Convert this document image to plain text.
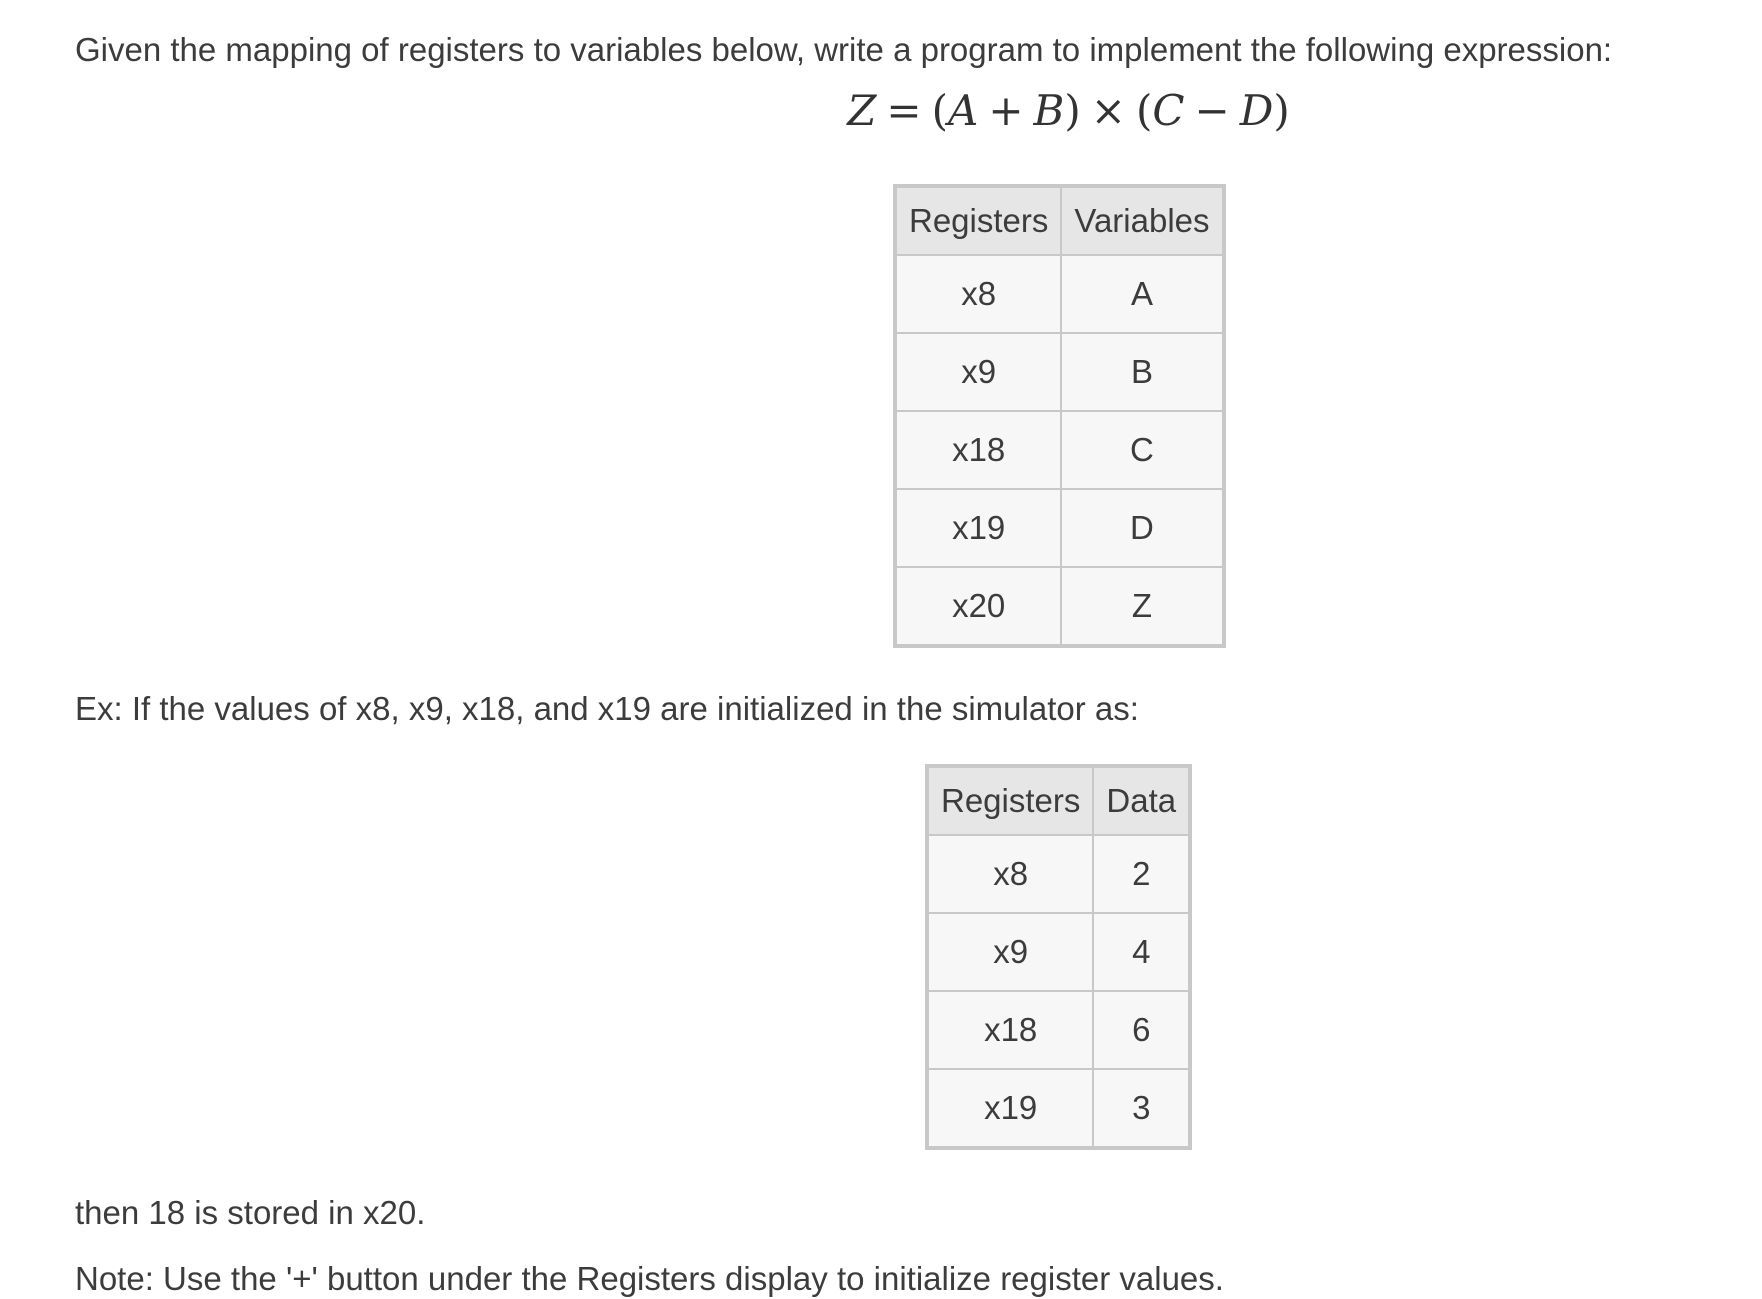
Given the mapping of registers to variables below, write a program to implement the following expression:

Z = (A + B) × (C − D)
Registers	Variables
x8	A
x9	B
x18	C
x19	D
x20	Z

Ex: If the values of x8, x9, x18, and x19 are initialized in the simulator as:

Registers	Data
x8	2
x9	4
x18	6
x19	3

then 18 is stored in x20.

Note: Use the '+' button under the Registers display to initialize register values.
